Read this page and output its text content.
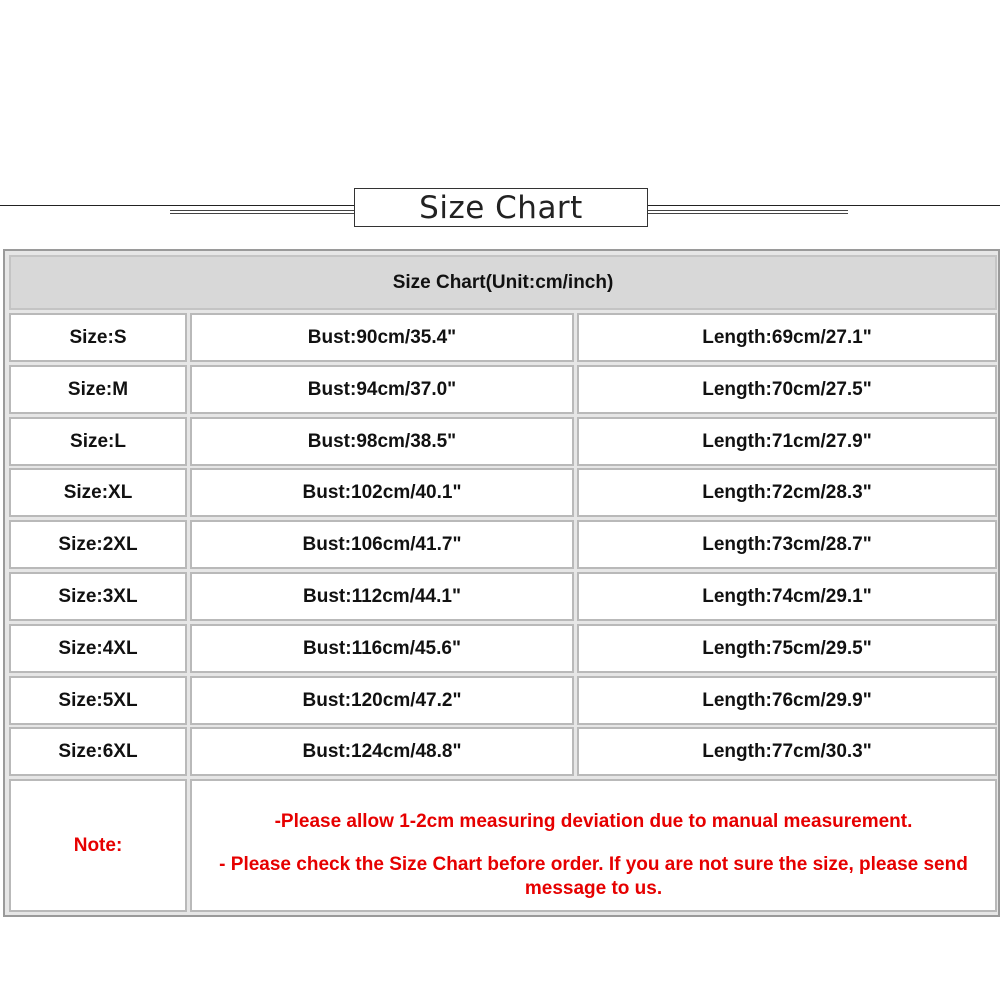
Size Chart
Size Chart(Unit:cm/inch)
Size:S	Bust:90cm/35.4"	Length:69cm/27.1"
Size:M	Bust:94cm/37.0"	Length:70cm/27.5"
Size:L	Bust:98cm/38.5"	Length:71cm/27.9"
Size:XL	Bust:102cm/40.1"	Length:72cm/28.3"
Size:2XL	Bust:106cm/41.7"	Length:73cm/28.7"
Size:3XL	Bust:112cm/44.1"	Length:74cm/29.1"
Size:4XL	Bust:116cm/45.6"	Length:75cm/29.5"
Size:5XL	Bust:120cm/47.2"	Length:76cm/29.9"
Size:6XL	Bust:124cm/48.8"	Length:77cm/30.3"
Note:
-Please allow 1-2cm measuring deviation due to manual measurement.
- Please check the Size Chart before order. If you are not sure the size, please send message to us.
